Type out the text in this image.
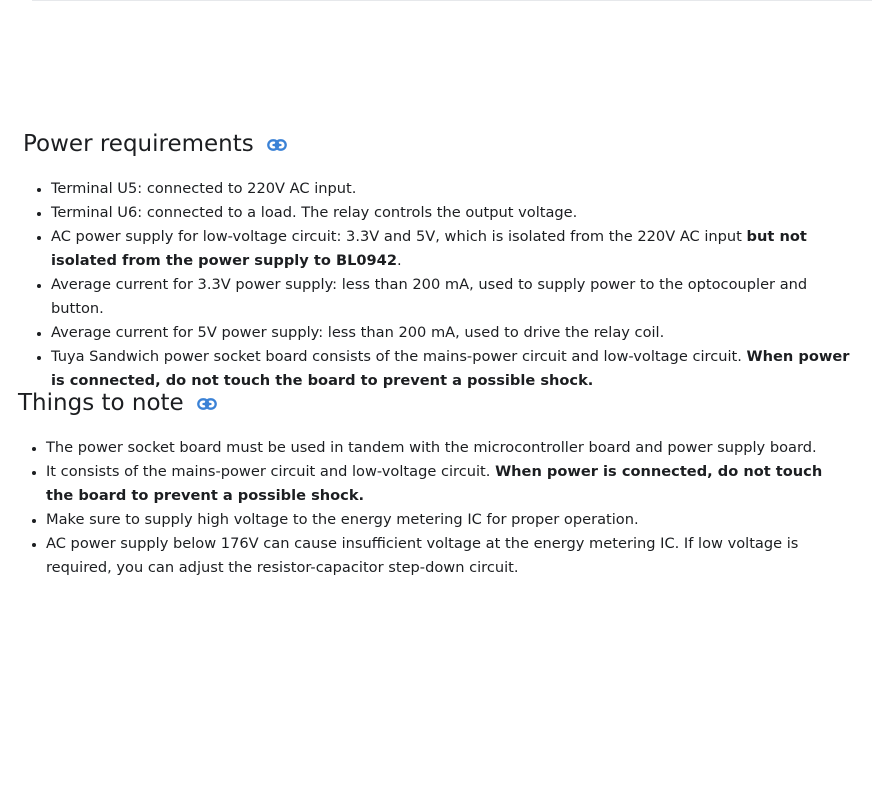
Power requirements
• Terminal U5: connected to 220V AC input.
• Terminal U6: connected to a load. The relay controls the output voltage.
• AC power supply for low-voltage circuit: 3.3V and 5V, which is isolated from the 220V AC input but not isolated from the power supply to BL0942.
• Average current for 3.3V power supply: less than 200 mA, used to supply power to the optocoupler and button.
• Average current for 5V power supply: less than 200 mA, used to drive the relay coil.
• Tuya Sandwich power socket board consists of the mains-power circuit and low-voltage circuit. When power is connected, do not touch the board to prevent a possible shock.
Things to note
• The power socket board must be used in tandem with the microcontroller board and power supply board.
• It consists of the mains-power circuit and low-voltage circuit. When power is connected, do not touch the board to prevent a possible shock.
• Make sure to supply high voltage to the energy metering IC for proper operation.
• AC power supply below 176V can cause insufficient voltage at the energy metering IC. If low voltage is required, you can adjust the resistor-capacitor step-down circuit.
